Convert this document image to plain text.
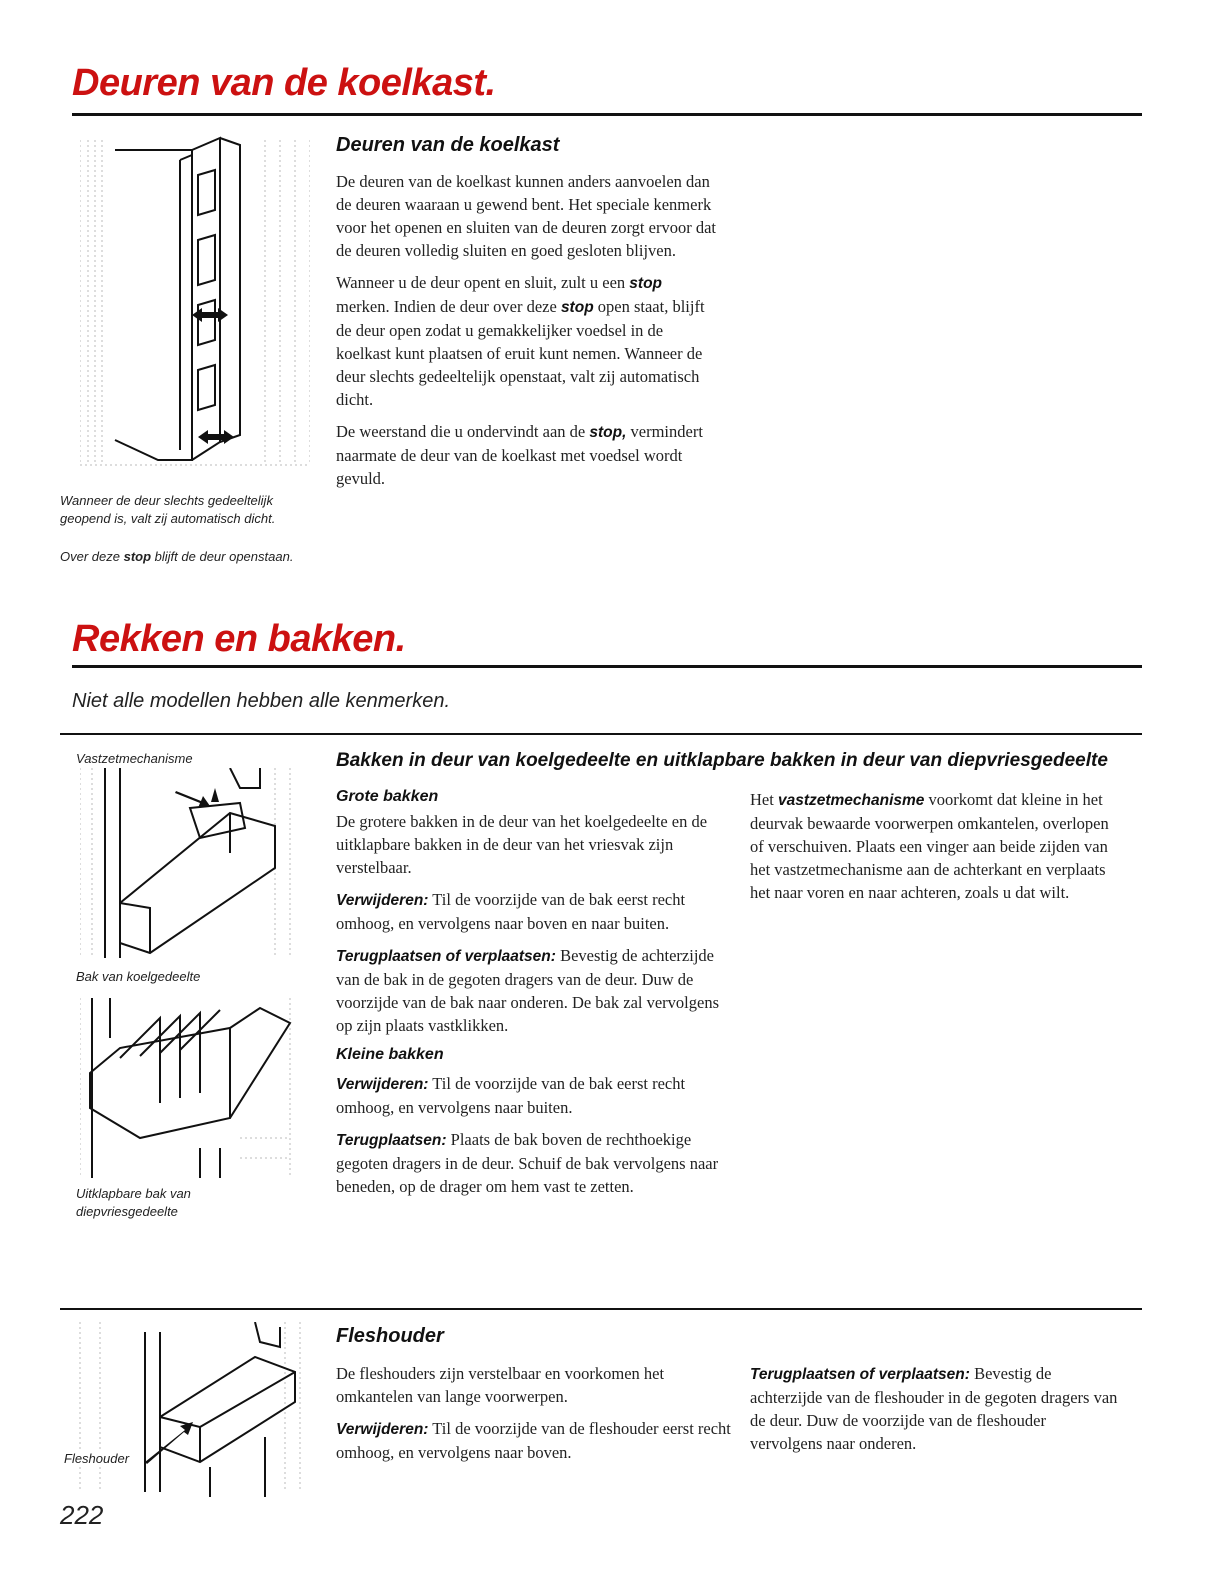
Deuren van de koelkast.

Wanneer de deur slechts gedeeltelijk geopend is, valt zij automatisch dicht.

Over deze stop blijft de deur openstaan.

Deuren van de koelkast

De deuren van de koelkast kunnen anders aanvoelen dan de deuren waaraan u gewend bent. Het speciale kenmerk voor het openen en sluiten van de deuren zorgt ervoor dat de deuren volledig sluiten en goed gesloten blijven.

Wanneer u de deur opent en sluit, zult u een stop merken. Indien de deur over deze stop open staat, blijft de deur open zodat u gemakkelijker voedsel in de koelkast kunt plaatsen of eruit kunt nemen. Wanneer de deur slechts gedeeltelijk openstaat, valt zij automatisch dicht.

De weerstand die u ondervindt aan de stop, vermindert naarmate de deur van de koelkast met voedsel wordt gevuld.

Rekken en bakken.
Niet alle modellen hebben alle kenmerken.
Vastzetmechanisme
Bak van koelgedeelte

Uitklapbare bak van diepvriesgedeelte

Bakken in deur van koelgedeelte en uitklapbare bakken in deur van diepvriesgedeelte
Grote bakken

De grotere bakken in de deur van het koelgedeelte en de uitklapbare bakken in de deur van het vriesvak zijn verstelbaar.

Verwijderen: Til de voorzijde van de bak eerst recht omhoog, en vervolgens naar boven en naar buiten.

Terugplaatsen of verplaatsen: Bevestig de achterzijde van de bak in de gegoten dragers van de deur. Duw de voorzijde van de bak naar onderen. De bak zal vervolgens op zijn plaats vastklikken.

Kleine bakken

Verwijderen: Til de voorzijde van de bak eerst recht omhoog, en vervolgens naar buiten.

Terugplaatsen: Plaats de bak boven de rechthoekige gegoten dragers in de deur. Schuif de bak vervolgens naar beneden, op de drager om hem vast te zetten.

Het vastzetmechanisme voorkomt dat kleine in het deurvak bewaarde voorwerpen omkantelen, overlopen of verschuiven. Plaats een vinger aan beide zijden van het vastzetmechanisme aan de achterkant en verplaats het naar voren en naar achteren, zoals u dat wilt.

Fleshouder
Fleshouder

De fleshouders zijn verstelbaar en voorkomen het omkantelen van lange voorwerpen.

Verwijderen: Til de voorzijde van de fleshouder eerst recht omhoog, en vervolgens naar boven.

Terugplaatsen of verplaatsen: Bevestig de achterzijde van de fleshouder in de gegoten dragers van de deur. Duw de voorzijde van de fleshouder vervolgens naar onderen.

222
